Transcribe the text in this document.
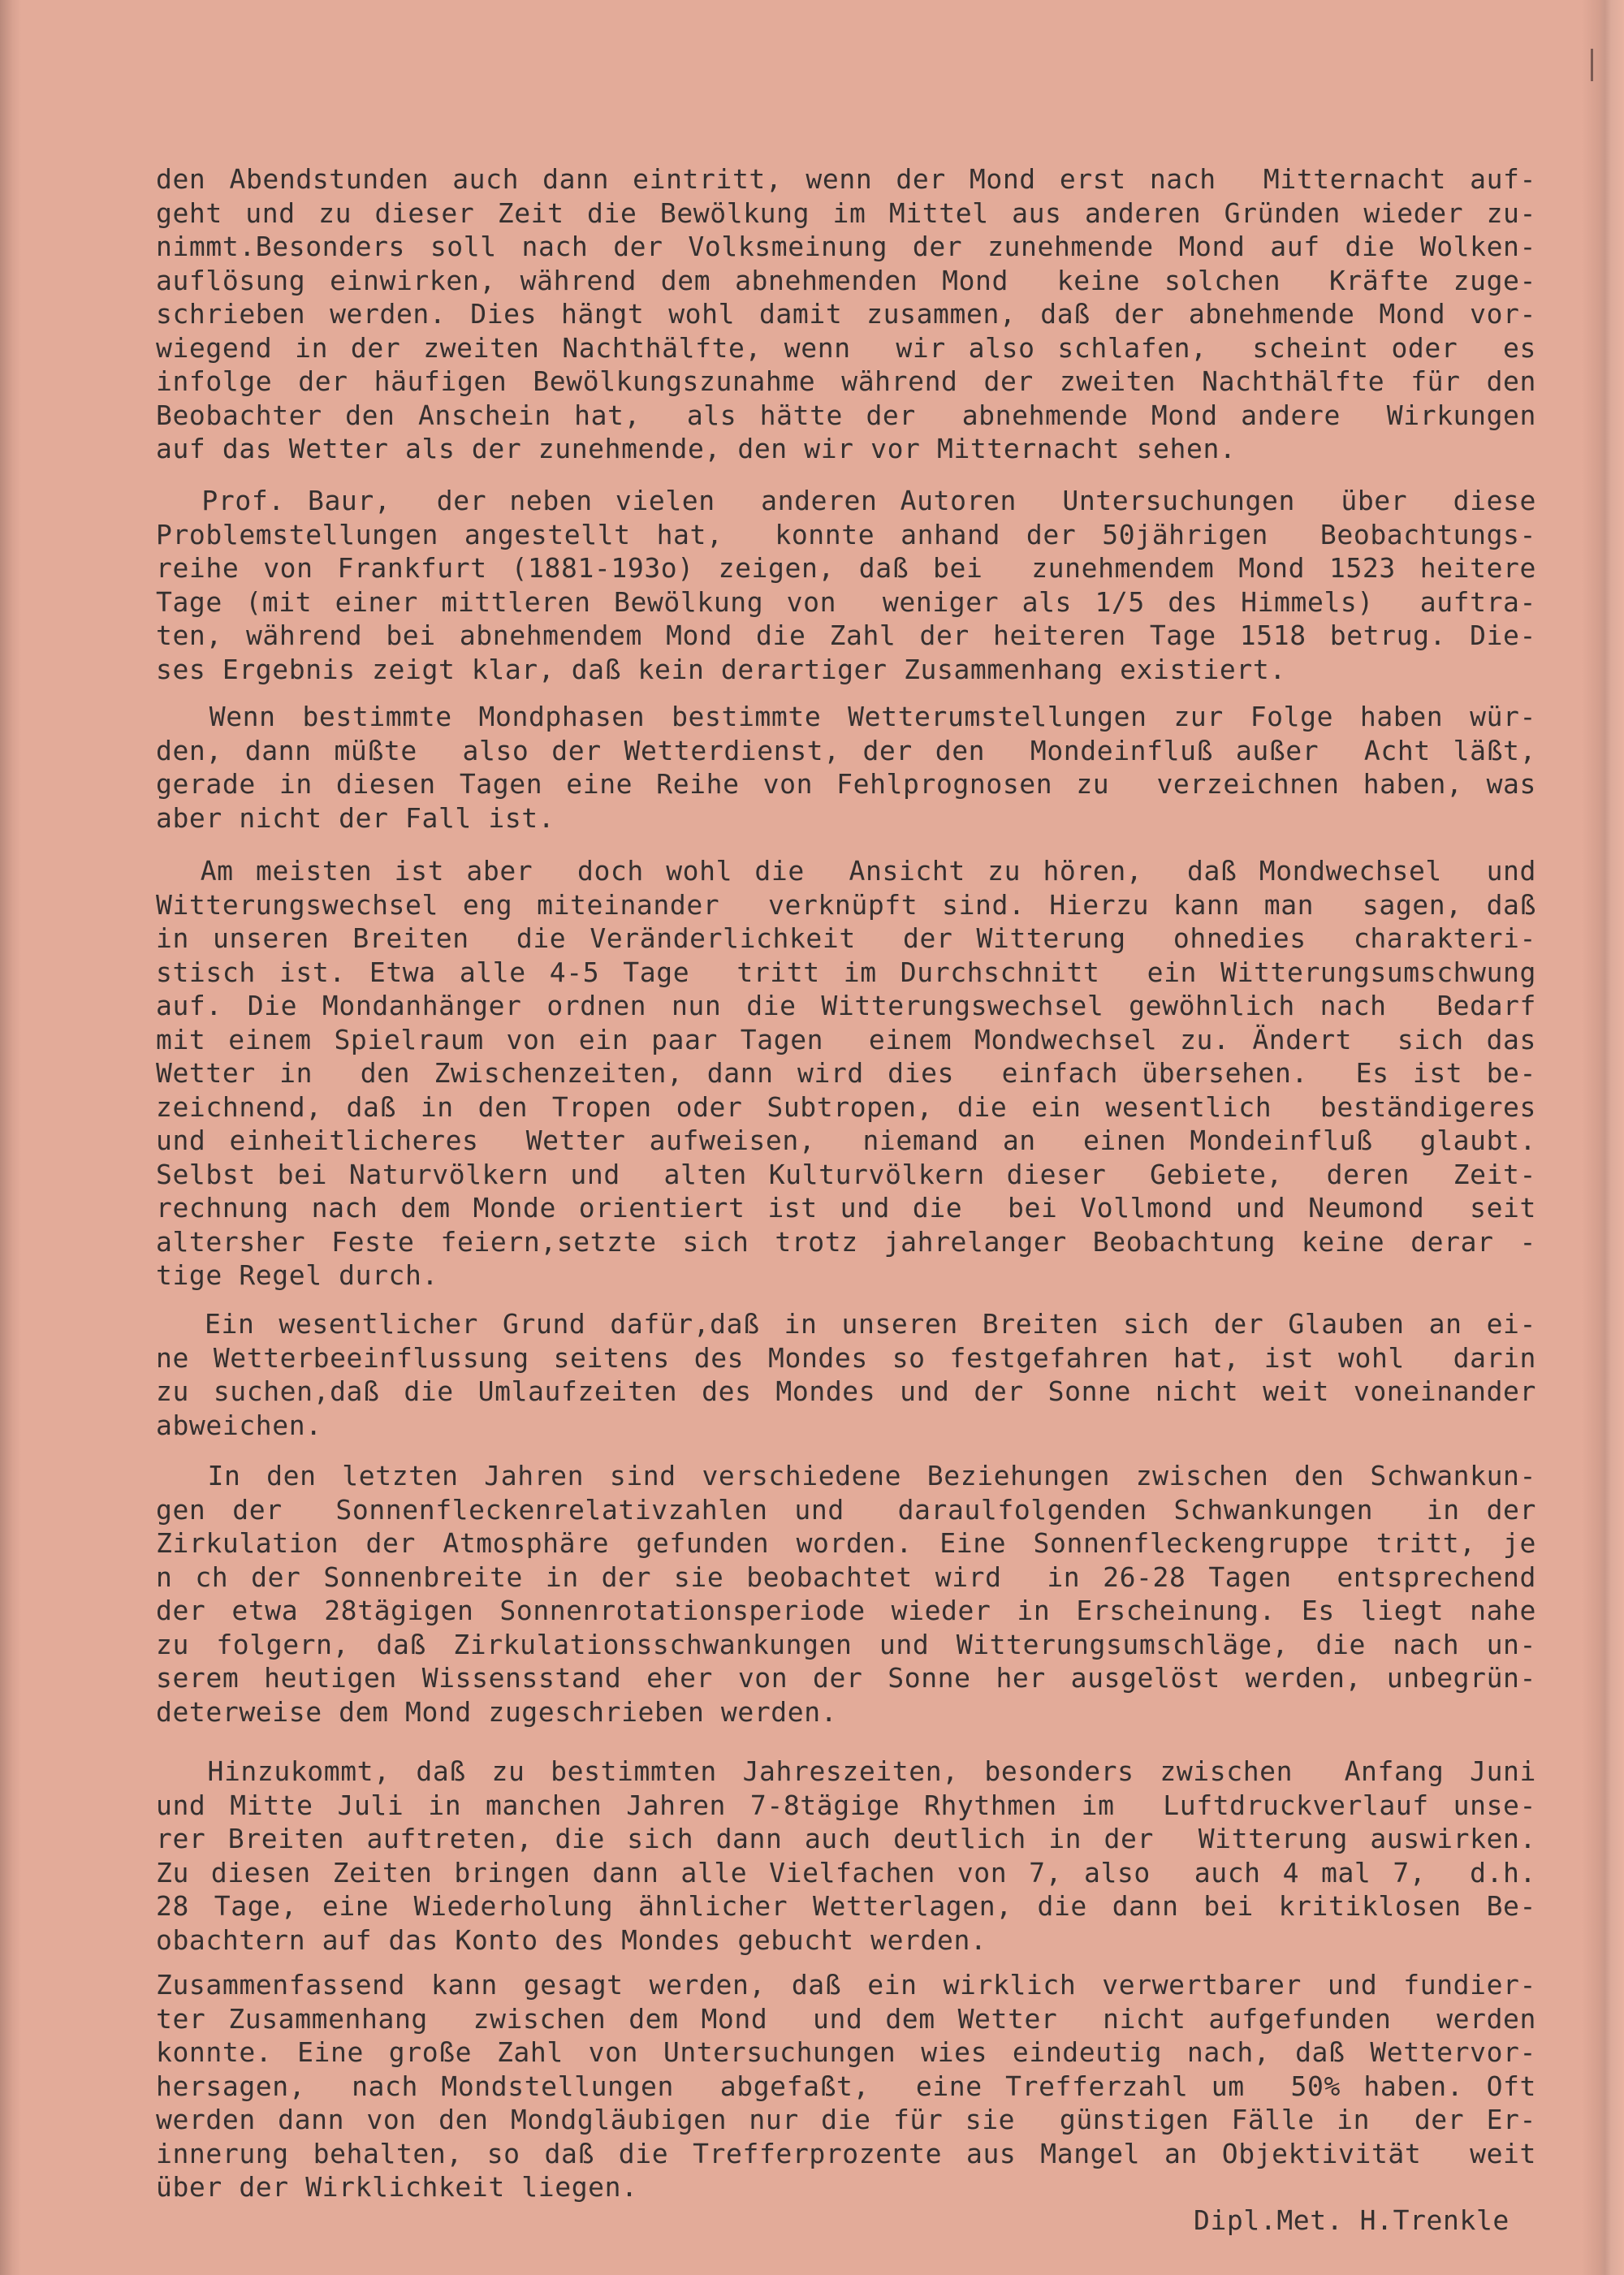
den Abendstunden auch dann eintritt, wenn der Mond erst nach  Mitternacht auf-
geht und zu dieser Zeit die Bewölkung im Mittel aus anderen Gründen wieder zu-
nimmt.Besonders soll nach der Volksmeinung der zunehmende Mond auf die Wolken-
auflösung einwirken, während dem abnehmenden Mond  keine solchen  Kräfte zuge-
schrieben werden. Dies hängt wohl damit zusammen, daß der abnehmende Mond vor-
wiegend in der zweiten Nachthälfte, wenn  wir also schlafen,  scheint oder  es
infolge der häufigen Bewölkungszunahme während der zweiten Nachthälfte für den
Beobachter den Anschein hat,  als hätte der  abnehmende Mond andere  Wirkungen
auf das Wetter als der zunehmende, den wir vor Mitternacht sehen.
Prof. Baur,  der neben vielen  anderen Autoren  Untersuchungen  über  diese
Problemstellungen angestellt hat,  konnte anhand der 50jährigen  Beobachtungs-
reihe von Frankfurt (1881-193o) zeigen, daß bei  zunehmendem Mond 1523 heitere
Tage (mit einer mittleren Bewölkung von  weniger als 1/5 des Himmels)  auftra-
ten, während bei abnehmendem Mond die Zahl der heiteren Tage 1518 betrug. Die-
ses Ergebnis zeigt klar, daß kein derartiger Zusammenhang existiert.
Wenn bestimmte Mondphasen bestimmte Wetterumstellungen zur Folge haben wür-
den, dann müßte  also der Wetterdienst, der den  Mondeinfluß außer  Acht läßt,
gerade in diesen Tagen eine Reihe von Fehlprognosen zu  verzeichnen haben, was
aber nicht der Fall ist.
Am meisten ist aber  doch wohl die  Ansicht zu hören,  daß Mondwechsel  und
Witterungswechsel eng miteinander  verknüpft sind. Hierzu kann man  sagen, daß
in unseren Breiten  die Veränderlichkeit  der Witterung  ohnedies  charakteri-
stisch ist. Etwa alle 4-5 Tage  tritt im Durchschnitt  ein Witterungsumschwung
auf. Die Mondanhänger ordnen nun die Witterungswechsel gewöhnlich nach  Bedarf
mit einem Spielraum von ein paar Tagen  einem Mondwechsel zu. Ändert  sich das
Wetter in  den Zwischenzeiten, dann wird dies  einfach übersehen.  Es ist be-
zeichnend, daß in den Tropen oder Subtropen, die ein wesentlich  beständigeres
und einheitlicheres  Wetter aufweisen,  niemand an  einen Mondeinfluß  glaubt.
Selbst bei Naturvölkern und  alten Kulturvölkern dieser  Gebiete,  deren  Zeit-
rechnung nach dem Monde orientiert ist und die  bei Vollmond und Neumond  seit
altersher Feste feiern,setzte sich trotz jahrelanger Beobachtung keine derar -
tige Regel durch.
Ein wesentlicher Grund dafür,daß in unseren Breiten sich der Glauben an ei-
ne Wetterbeeinflussung seitens des Mondes so festgefahren hat, ist wohl  darin
zu suchen,daß die Umlaufzeiten des Mondes und der Sonne nicht weit voneinander
abweichen.
In den letzten Jahren sind verschiedene Beziehungen zwischen den Schwankun-
gen der  Sonnenfleckenrelativzahlen und  daraulfolgenden Schwankungen  in der
Zirkulation der Atmosphäre gefunden worden. Eine Sonnenfleckengruppe tritt, je
n ch der Sonnenbreite in der sie beobachtet wird  in 26-28 Tagen  entsprechend
der etwa 28tägigen Sonnenrotationsperiode wieder in Erscheinung. Es liegt nahe
zu folgern, daß Zirkulationsschwankungen und Witterungsumschläge, die nach un-
serem heutigen Wissensstand eher von der Sonne her ausgelöst werden, unbegrün-
deterweise dem Mond zugeschrieben werden.
Hinzukommt, daß zu bestimmten Jahreszeiten, besonders zwischen  Anfang Juni
und Mitte Juli in manchen Jahren 7-8tägige Rhythmen im  Luftdruckverlauf unse-
rer Breiten auftreten, die sich dann auch deutlich in der  Witterung auswirken.
Zu diesen Zeiten bringen dann alle Vielfachen von 7, also  auch 4 mal 7,  d.h.
28 Tage, eine Wiederholung ähnlicher Wetterlagen, die dann bei kritiklosen Be-
obachtern auf das Konto des Mondes gebucht werden.
Zusammenfassend kann gesagt werden, daß ein wirklich verwertbarer und fundier-
ter Zusammenhang  zwischen dem Mond  und dem Wetter  nicht aufgefunden  werden
konnte. Eine große Zahl von Untersuchungen wies eindeutig nach, daß Wettervor-
hersagen,  nach Mondstellungen  abgefaßt,  eine Trefferzahl um  50% haben. Oft
werden dann von den Mondgläubigen nur die für sie  günstigen Fälle in  der Er-
innerung behalten, so daß die Trefferprozente aus Mangel an Objektivität  weit
über der Wirklichkeit liegen.
Dipl.Met. H.Trenkle
